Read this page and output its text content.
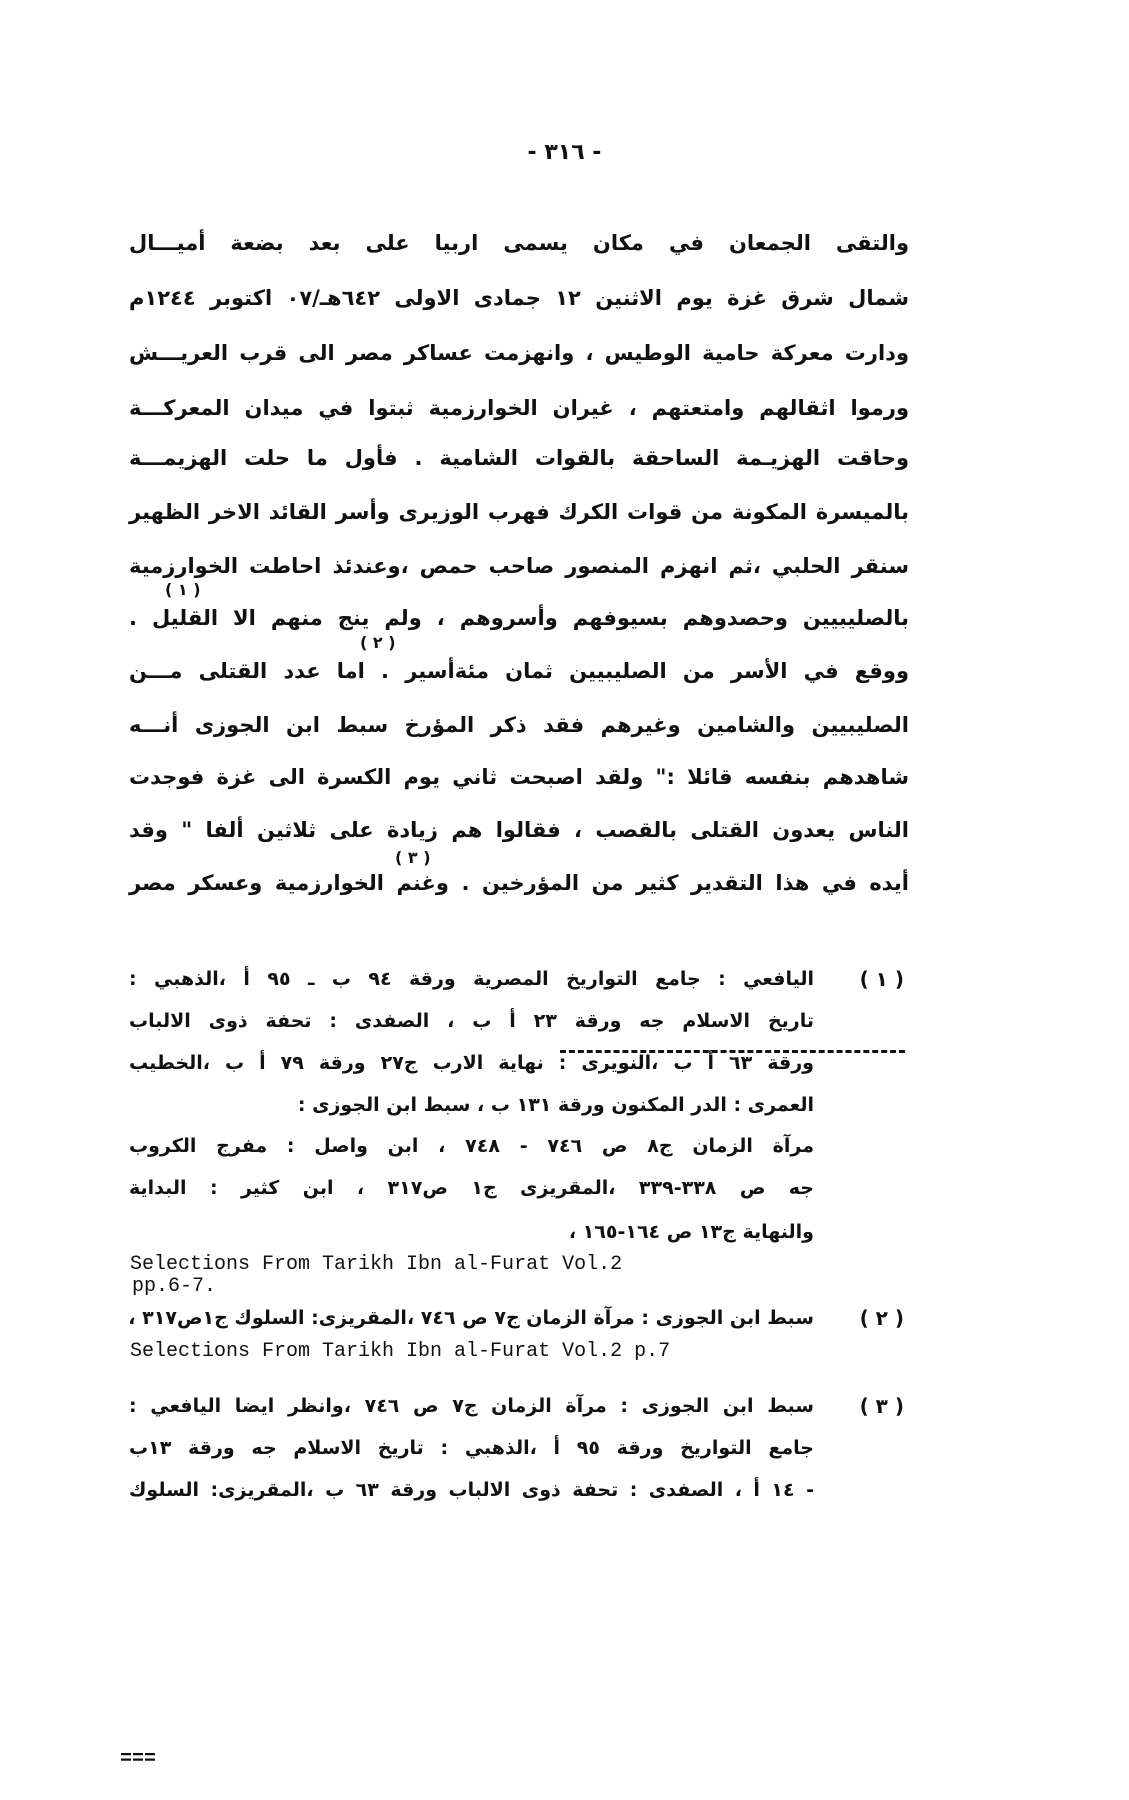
- ٣١٦ -
والتقى الجمعان في مكان يسمى اربيا على بعد بضعة أميـــال
شمال شرق غزة يوم الاثنين ١٢ جمادى الاولى ٦٤٢هـ/٠٧ اكتوبر ١٢٤٤م
ودارت معركة حامية الوطيس ، وانهزمت عساكر مصر الى قرب العريـــش
ورموا اثقالهم وامتعتهم ، غيران الخوارزمية ثبتوا في ميدان المعركـــة
وحاقت الهزيـمة الساحقة بالقوات الشامية . فأول ما حلت الهزيمـــة
بالميسرة المكونة من قوات الكرك فهرب الوزيرى وأسر القائد الاخر الظهير
سنقر الحلبي ،ثم انهزم المنصور صاحب حمص ،وعندئذ احاطت الخوارزمية
بالصليبيين وحصدوهم بسيوفهم وأسروهم ، ولم ينج منهم الا القليل .
ووقع في الأسر من الصليبيين ثمان مئةأسير . اما عدد القتلى مـــن
الصليبيين والشامين وغيرهم فقد ذكر المؤرخ سبط ابن الجوزى أنـــه
شاهدهم بنفسه قائلا :" ولقد اصبحت ثاني يوم الكسرة الى غزة فوجدت
الناس يعدون القتلى بالقصب ، فقالوا هم زيادة على ثلاثين ألفا " وقد
أيده في هذا التقدير كثير من المؤرخين . وغنم الخوارزمية وعسكر مصر
( ١ )
( ٢ )
( ٣ )
( ١ )
اليافعي : جامع التواريخ المصرية ورقة ٩٤ ب ـ ٩٥ أ ،الذهبي :
تاريخ الاسلام جه ورقة ٢٣ أ ب ، الصفدى : تحفة ذوى الالباب
ورقة ٦٣ أ ب ،النويرى : نهاية الارب ج٢٧ ورقة ٧٩ أ ب ،الخطيب
العمرى : الدر المكنون ورقة ١٣١ ب ، سبط ابن الجوزى :
مرآة الزمان ج٨ ص ٧٤٦ - ٧٤٨ ، ابن واصل : مفرج الكروب
جه ص ٣٣٨-٣٣٩ ،المقريزى ج١ ص٣١٧ ، ابن كثير : البداية
والنهاية ج١٣ ص ١٦٤-١٦٥ ،
Selections From Tarikh Ibn al-Furat Vol.2
pp.6-7.
( ٢ )
سبط ابن الجوزى : مرآة الزمان ج٧ ص ٧٤٦ ،المقريزى: السلوك ج١ص٣١٧ ،
Selections From Tarikh Ibn al-Furat Vol.2 p.7
( ٣ )
سبط ابن الجوزى : مرآة الزمان ج٧ ص ٧٤٦ ،وانظر ايضا اليافعي :
جامع التواريخ ورقة ٩٥ أ ،الذهبي : تاريخ الاسلام جه ورقة ١٣ب
- ١٤ أ ، الصفدى : تحفة ذوى الالباب ورقة ٦٣ ب ،المقريزى: السلوك
===
